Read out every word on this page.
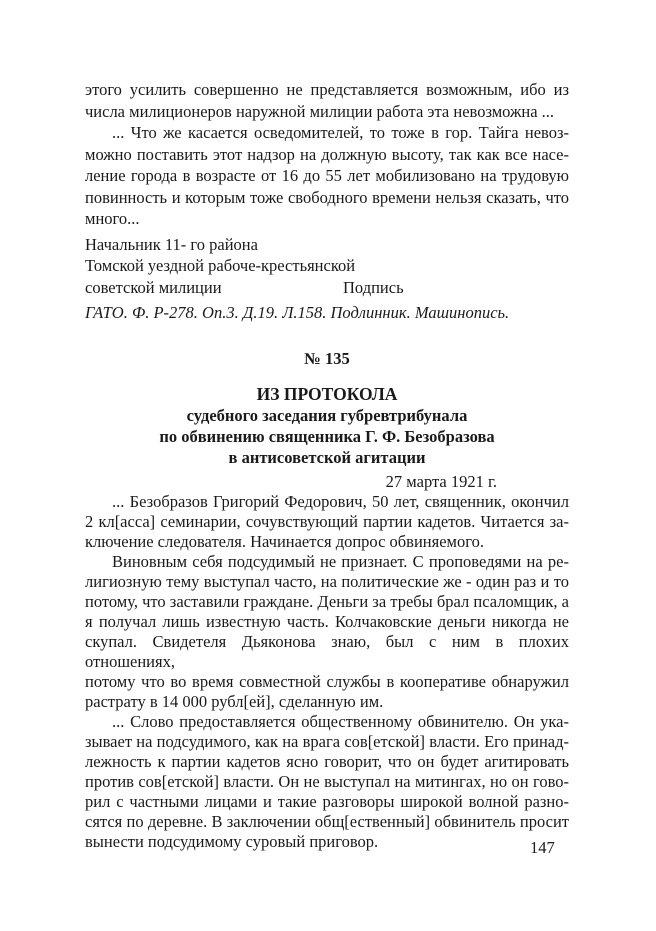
этого усилить совершенно не представляется возможным, ибо из
числа милиционеров наружной милиции работа эта невозможна ...

... Что же касается осведомителей, то тоже в гор. Тайга невоз-
можно поставить этот надзор на должную высоту, так как все насе-
ление города в возрасте от 16 до 55 лет мобилизовано на трудовую
повинность и которым тоже свободного времени нельзя сказать, что
много...

Начальник 11- го района
Томской уездной рабоче-крестьянской
советской милиции	Подпись
ГАТО. Ф. Р-278. Оп.3. Д.19. Л.158. Подлинник. Машинопись.
№ 135
ИЗ ПРОТОКОЛА
судебного заседания губревтрибунала
по обвинению священника Г. Ф. Безобразова
в антисоветской агитации
27 марта 1921 г.

... Безобразов Григорий Федорович, 50 лет, священник, окончил
2 кл[асса] семинарии, сочувствующий партии кадетов. Читается за-
ключение следователя. Начинается допрос обвиняемого.

Виновным себя подсудимый не признает. С проповедями на ре-
лигиозную тему выступал часто, на политические же - один раз и то
потому, что заставили граждане. Деньги за требы брал псаломщик, а
я получал лишь известную часть. Колчаковские деньги никогда не
скупал. Свидетеля Дьяконова знаю, был с ним в плохих отношениях,
потому что во время совместной службы в кооперативе обнаружил
растрату в 14 000 рубл[ей], сделанную им.

... Слово предоставляется общественному обвинителю. Он ука-
зывает на подсудимого, как на врага сов[етской] власти. Его принад-
лежность к партии кадетов ясно говорит, что он будет агитировать
против сов[етской] власти. Он не выступал на митингах, но он гово-
рил с частными лицами и такие разговоры широкой волной разно-
сятся по деревне. В заключении общ[ественный] обвинитель просит
вынести подсудимому суровый приговор.	147
